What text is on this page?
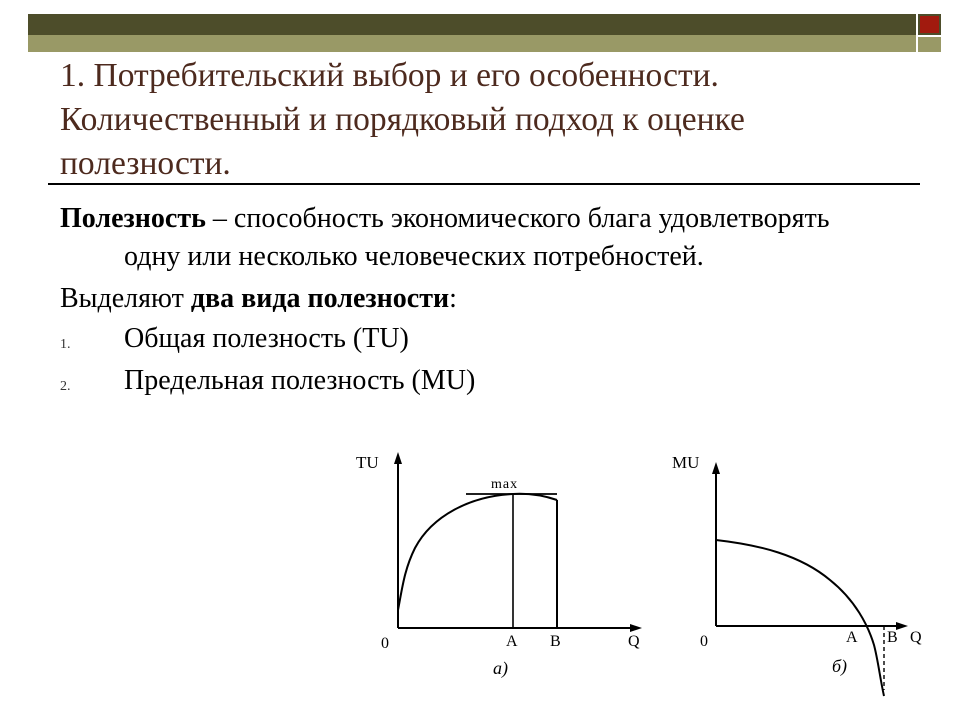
1. Потребительский выбор и его особенности. Количественный и порядковый подход к оценке полезности.

Полезность – способность экономического блага удовлетворять одну или несколько человеческих потребностей.

Выделяют два вида полезности:

1. Общая полезность (TU)
2. Предельная полезность (MU)
TU
max
0	A B	Q
а)
MU
0	A B Q
б)
